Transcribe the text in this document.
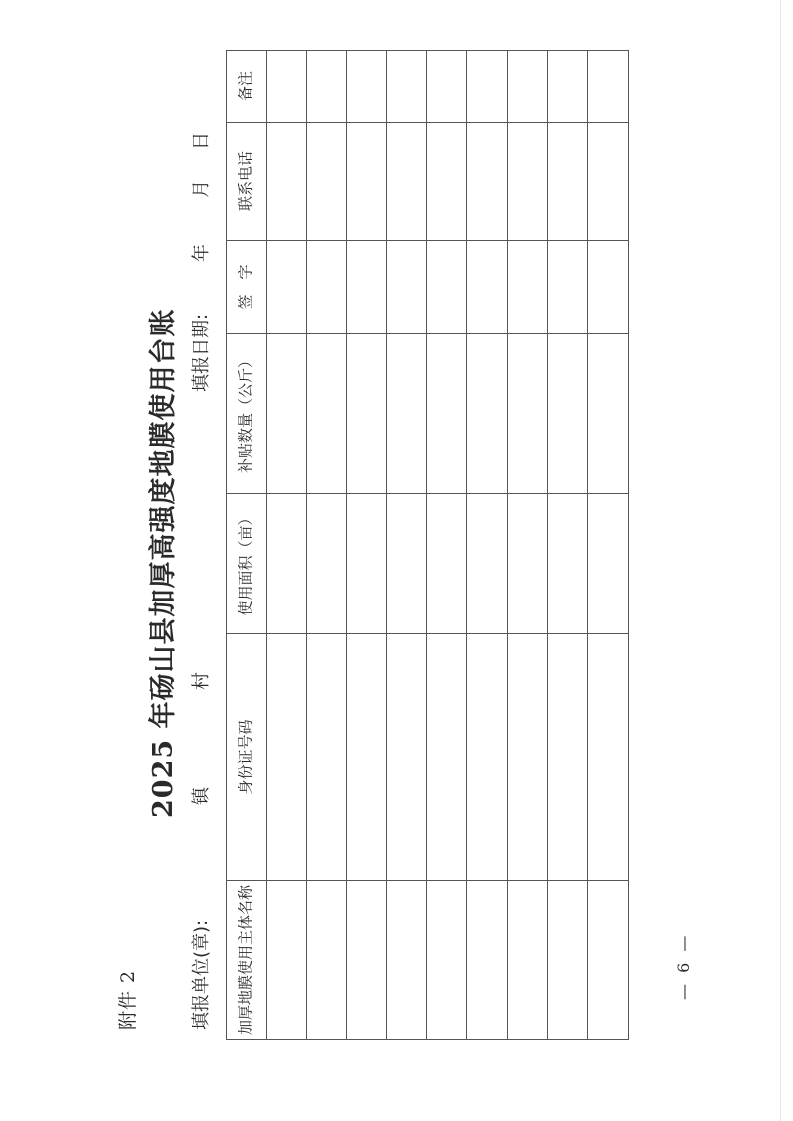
附件 2
2025 年砀山县加厚高强度地膜使用台账
填报单位(章):
镇
村
填报日期:
年
月
日
加厚地膜使用主体名称
身份证号码
使用面积（亩）
补贴数量（公斤）
签　字
联系电话
备注
— 6 —
